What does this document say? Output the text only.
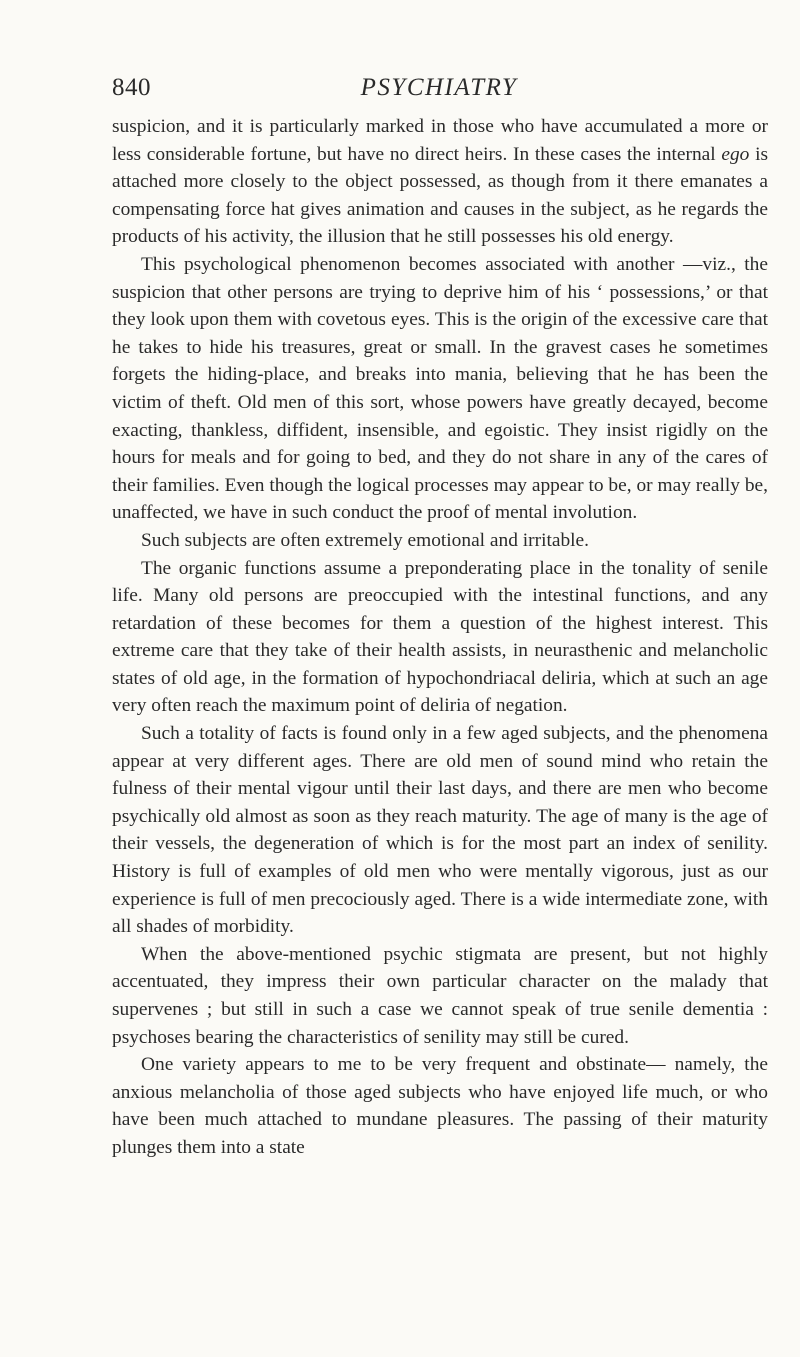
840	PSYCHIATRY

suspicion, and it is particularly marked in those who have accumulated a more or less considerable fortune, but have no direct heirs. In these cases the internal ego is attached more closely to the object possessed, as though from it there emanates a compensating force hat gives animation and causes in the subject, as he regards the products of his activity, the illusion that he still possesses his old energy.

This psychological phenomenon becomes associated with another —viz., the suspicion that other persons are trying to deprive him of his ‘ possessions,’ or that they look upon them with covetous eyes. This is the origin of the excessive care that he takes to hide his treasures, great or small. In the gravest cases he sometimes forgets the hiding-place, and breaks into mania, believing that he has been the victim of theft. Old men of this sort, whose powers have greatly decayed, become exacting, thankless, diffident, insensible, and egoistic. They insist rigidly on the hours for meals and for going to bed, and they do not share in any of the cares of their families. Even though the logical processes may appear to be, or may really be, unaffected, we have in such conduct the proof of mental involution.

Such subjects are often extremely emotional and irritable.

The organic functions assume a preponderating place in the tonality of senile life. Many old persons are preoccupied with the intestinal functions, and any retardation of these becomes for them a question of the highest interest. This extreme care that they take of their health assists, in neurasthenic and melancholic states of old age, in the formation of hypochondriacal deliria, which at such an age very often reach the maximum point of deliria of negation.

Such a totality of facts is found only in a few aged subjects, and the phenomena appear at very different ages. There are old men of sound mind who retain the fulness of their mental vigour until their last days, and there are men who become psychically old almost as soon as they reach maturity. The age of many is the age of their vessels, the degeneration of which is for the most part an index of senility. History is full of examples of old men who were mentally vigorous, just as our experience is full of men precociously aged. There is a wide intermediate zone, with all shades of morbidity.

When the above-mentioned psychic stigmata are present, but not highly accentuated, they impress their own particular character on the malady that supervenes ; but still in such a case we cannot speak of true senile dementia : psychoses bearing the characteristics of senility may still be cured.

One variety appears to me to be very frequent and obstinate— namely, the anxious melancholia of those aged subjects who have enjoyed life much, or who have been much attached to mundane pleasures. The passing of their maturity plunges them into a state
